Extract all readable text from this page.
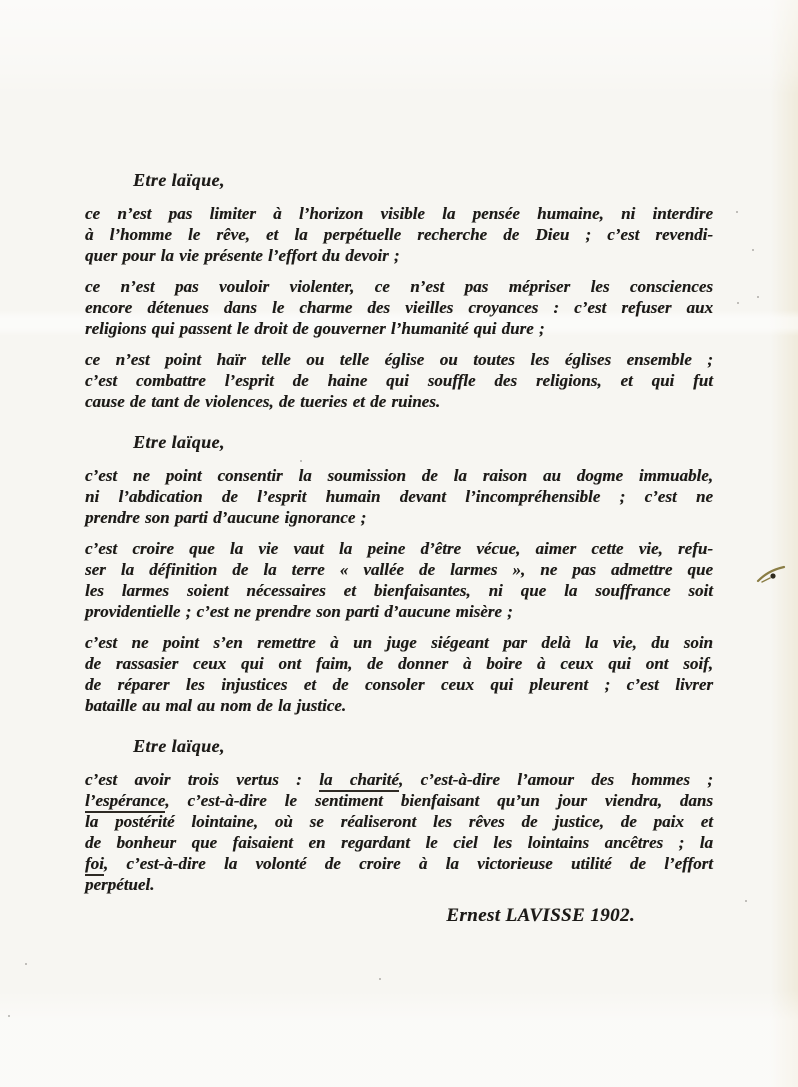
Etre laïque,
ce n’est pas limiter à l’horizon visible la pensée humaine, ni interdire
à l’homme le rêve, et la perpétuelle recherche de Dieu ; c’est revendi-
quer pour la vie présente l’effort du devoir ;
ce n’est pas vouloir violenter, ce n’est pas mépriser les consciences
encore détenues dans le charme des vieilles croyances : c’est refuser aux
religions qui passent le droit de gouverner l’humanité qui dure ;
ce n’est point haïr telle ou telle église ou toutes les églises ensemble ;
c’est combattre l’esprit de haine qui souffle des religions, et qui fut
cause de tant de violences, de tueries et de ruines.
Etre laïque,
c’est ne point consentir la soumission de la raison au dogme immuable,
ni l’abdication de l’esprit humain devant l’incompréhensible ; c’est ne
prendre son parti d’aucune ignorance ;
c’est croire que la vie vaut la peine d’être vécue, aimer cette vie, refu-
ser la définition de la terre « vallée de larmes », ne pas admettre que
les larmes soient nécessaires et bienfaisantes, ni que la souffrance soit
providentielle ; c’est ne prendre son parti d’aucune misère ;
c’est ne point s’en remettre à un juge siégeant par delà la vie, du soin
de rassasier ceux qui ont faim, de donner à boire à ceux qui ont soif,
de réparer les injustices et de consoler ceux qui pleurent ; c’est livrer
bataille au mal au nom de la justice.
Etre laïque,
c’est avoir trois vertus : la charité, c’est-à-dire l’amour des hommes ;
l’espérance, c’est-à-dire le sentiment bienfaisant qu’un jour viendra, dans
la postérité lointaine, où se réaliseront les rêves de justice, de paix et
de bonheur que faisaient en regardant le ciel les lointains ancêtres ; la
foi, c’est-à-dire la volonté de croire à la victorieuse utilité de l’effort
perpétuel.
Ernest LAVISSE 1902.
